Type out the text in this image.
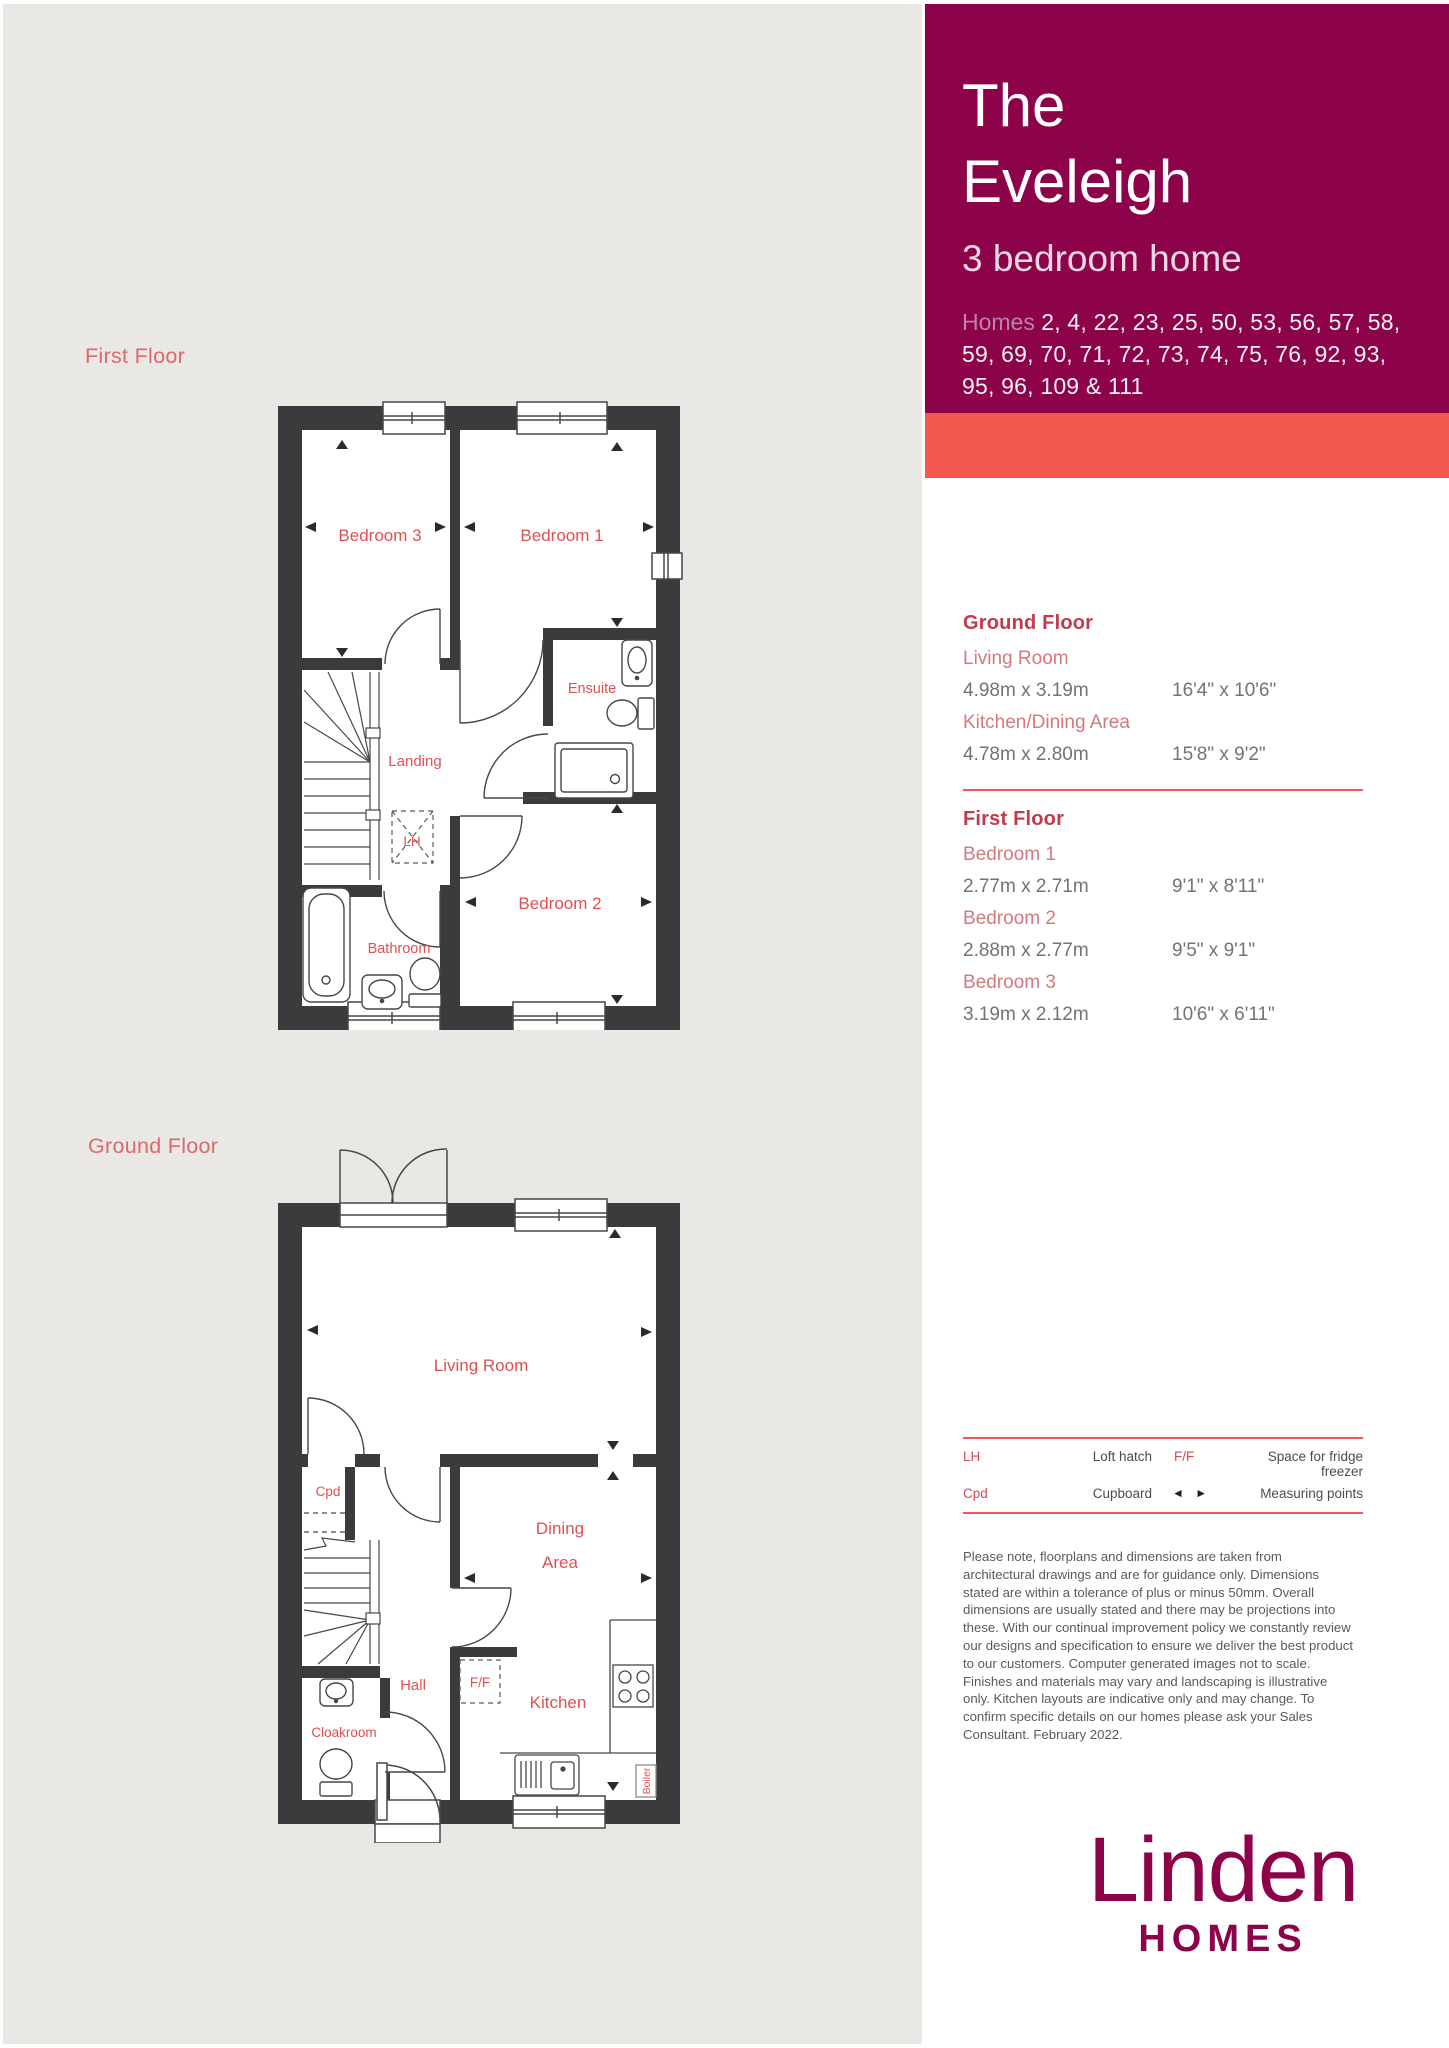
The
Eveleigh
3 bedroom home
Homes 2, 4, 22, 23, 25, 50, 53, 56, 57, 58, 59, 69, 70, 71, 72, 73, 74, 75, 76, 92, 93, 95, 96, 109 & 111
First Floor
Ground Floor
Bedroom 3	Bedroom 1
Ensuite
Landing
LH
Bedroom 2
Bathroom
Boiler
Living Room
Cpd
Dining
Area
Hall	F/F
Kitchen
Cloakroom
Ground Floor
Living Room
4.98m x 3.19m	16'4" x 10'6"
Kitchen/Dining Area
4.78m x 2.80m	15'8" x 9'2"
First Floor
Bedroom 1
2.77m x 2.71m	9'1" x 8'11"
Bedroom 2
2.88m x 2.77m	9'5" x 9'1"
Bedroom 3
3.19m x 2.12m	10'6" x 6'11"
LH	Loft hatch	F/F	Space for fridge freezer
Cpd	Cupboard	◄ ►	Measuring points
Please note, floorplans and dimensions are taken from architectural drawings and are for guidance only. Dimensions stated are within a tolerance of plus or minus 50mm. Overall dimensions are usually stated and there may be projections into these. With our continual improvement policy we constantly review our designs and specification to ensure we deliver the best product to our customers. Computer generated images not to scale. Finishes and materials may vary and landscaping is illustrative only. Kitchen layouts are indicative only and may change. To confirm specific details on our homes please ask your Sales Consultant. February 2022.
Linden
HOMES
